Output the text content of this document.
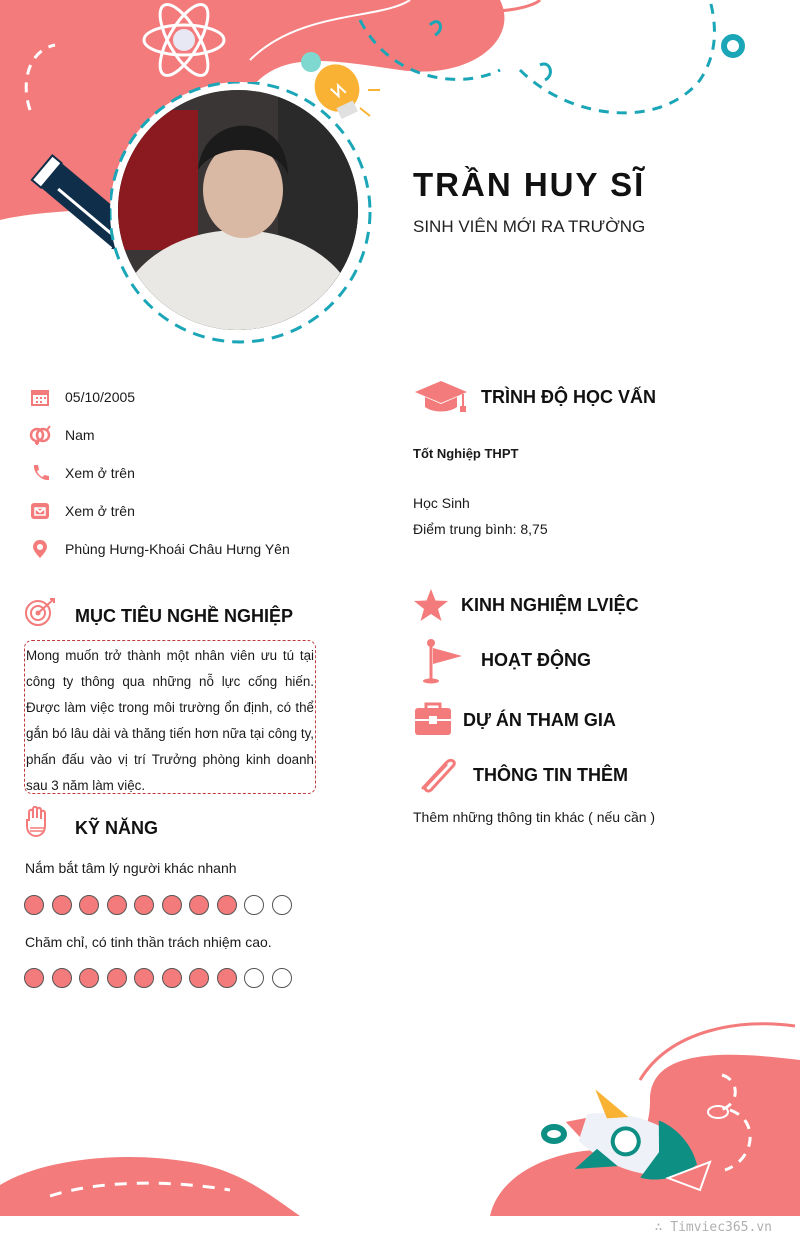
TRẦN HUY SĨ
SINH VIÊN MỚI RA TRƯỜNG
05/10/2005
Nam
Xem ở trên
Xem ở trên
Phùng Hưng-Khoái Châu Hưng Yên
MỤC TIÊU NGHỀ NGHIỆP
Mong muốn trở thành một nhân viên ưu tú tại công ty thông qua những nỗ lực cống hiến. Được làm việc trong môi trường ổn định, có thể gắn bó lâu dài và thăng tiến hơn nữa tại công ty, phấn đấu vào vị trí Trưởng phòng kinh doanh sau 3 năm làm việc.
KỸ NĂNG
Nắm bắt tâm lý người khác nhanh
Chăm chỉ, có tinh thần trách nhiệm cao.
TRÌNH ĐỘ HỌC VẤN
Tốt Nghiệp THPT
Học Sinh
Điểm trung bình: 8,75
KINH NGHIỆM LVIỆC
HOẠT ĐỘNG
DỰ ÁN THAM GIA
THÔNG TIN THÊM
Thêm những thông tin khác ( nếu cần )
∴ Timviec365.vn
